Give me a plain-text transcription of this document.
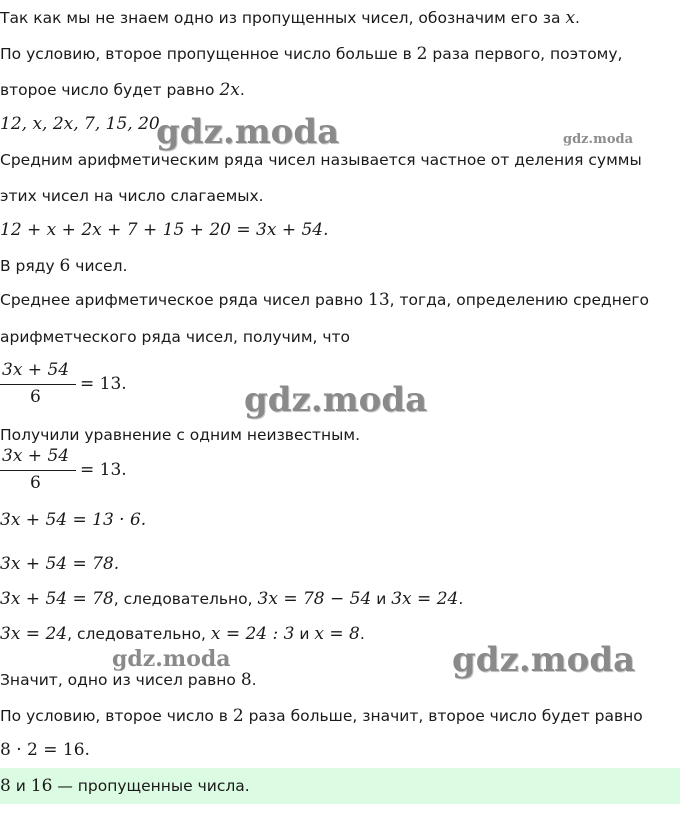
Так как мы не знаем одно из пропущенных чисел, обозначим его за x.
По условию, второе пропущенное число больше в 2 раза первого, поэтому,
второе число будет равно 2x.
12, x, 2x, 7, 15, 20.
Средним арифметическим ряда чисел называется частное от деления суммы
этих чисел на число слагаемых.
12 + x + 2x + 7 + 15 + 20 = 3x + 54.
В ряду 6 чисел.
Среднее арифметическое ряда чисел равно 13, тогда, определению среднего
арифметческого ряда чисел, получим, что
3x + 54
6
= 13.
Получили уравнение с одним неизвестным.
3x + 54
6
= 13.
3x + 54 = 13 · 6.
3x + 54 = 78.
3x + 54 = 78, следовательно, 3x = 78 − 54 и 3x = 24.
3x = 24, следовательно, x = 24 : 3 и x = 8.
Значит, одно из чисел равно 8.
По условию, второе число в 2 раза больше, значит, второе число будет равно
8 · 2 = 16.
8 и 16 — пропущенные числа.
gdz.moda	gdz.moda
gdz.moda
gdz.moda	gdz.moda
